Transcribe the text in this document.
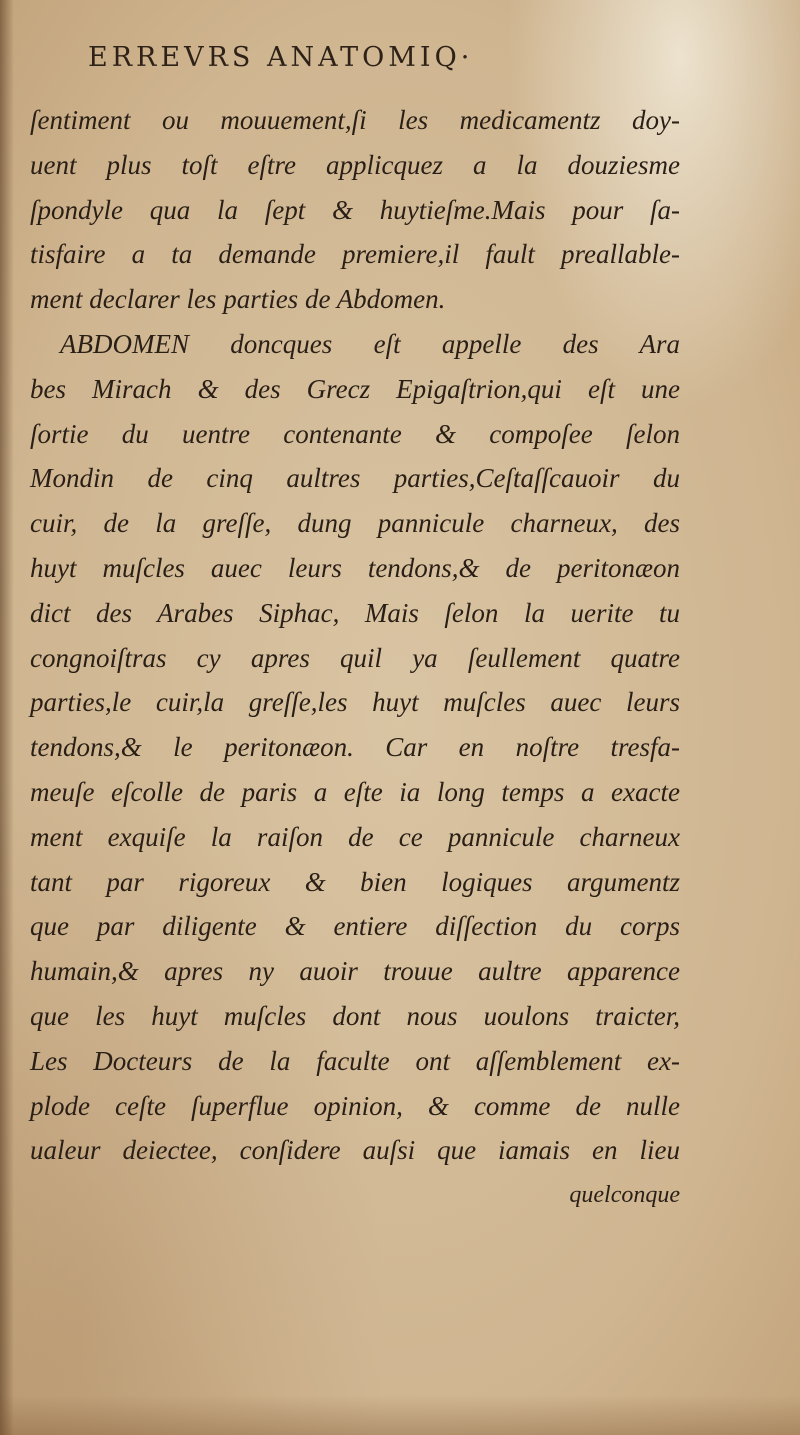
ERREVRS ANATOMIQ·
ſentiment ou mouuement,ſi les medicamentz doy-
uent plus toſt eſtre applicquez a la douziesme
ſpondyle qua la ſept & huytieſme.Mais pour ſa-
tisfaire a ta demande premiere,il fault preallable-
ment declarer les parties de Abdomen.
ABDOMEN doncques eſt appelle des Ara
bes Mirach & des Grecz Epigaſtrion,qui eſt une
ſortie du uentre contenante & compoſee ſelon
Mondin de cinq aultres parties,Ceſtaſſcauoir du
cuir, de la greſſe, dung pannicule charneux, des
huyt muſcles auec leurs tendons,& de peritonæon
dict des Arabes Siphac, Mais ſelon la uerite tu
congnoiſtras cy apres quil ya ſeullement quatre
parties,le cuir,la greſſe,les huyt muſcles auec leurs
tendons,& le peritonæon. Car en noſtre tresfa-
meuſe eſcolle de paris a eſte ia long temps a exacte
ment exquiſe la raiſon de ce pannicule charneux
tant par rigoreux & bien logiques argumentz
que par diligente & entiere diſſection du corps
humain,& apres ny auoir trouue aultre apparence
que les huyt muſcles dont nous uoulons traicter,
Les Docteurs de la faculte ont aſſemblement ex-
plode ceſte ſuperflue opinion, & comme de nulle
ualeur deiectee, conſidere auſsi que iamais en lieu
quelconque
